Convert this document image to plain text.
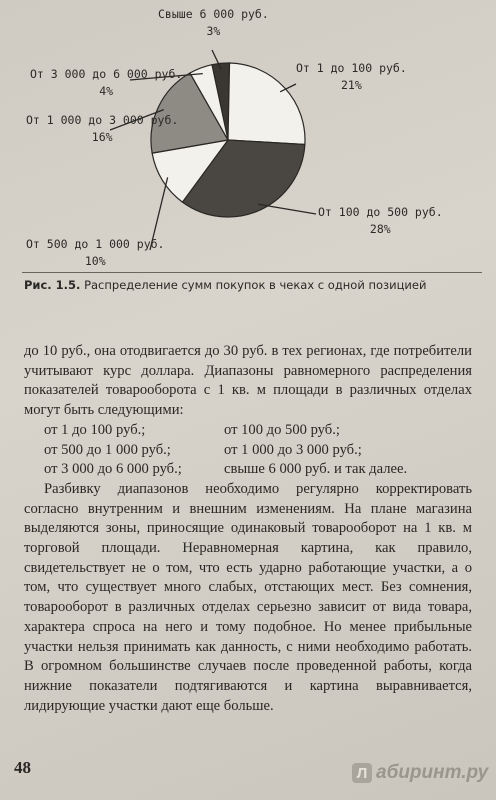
Свыше 6 000 руб.
3%
От 1 до 100 руб.
21%
От 100 до 500 руб.
28%
От 500 до 1 000 руб.
10%
От 1 000 до 3 000 руб.
16%
От 3 000 до 6 000 руб.
4%
Рис. 1.5. Распределение сумм покупок в чеках с одной позицией

до 10 руб., она отодвигается до 30 руб. в тех регионах, где потребители учитывают курс доллара. Диапазоны равномерного распределения показателей товарооборота с 1 кв. м площади в различных отделах могут быть следующими:

от 1 до 100 руб.;	от 100 до 500 руб.;
от 500 до 1 000 руб.;	от 1 000 до 3 000 руб.;
от 3 000 до 6 000 руб.;	свыше 6 000 руб. и так далее.

Разбивку диапазонов необходимо регулярно корректировать согласно внутренним и внешним изменениям. На плане магазина выделяются зоны, приносящие одинаковый товарооборот на 1 кв. м торговой площади. Неравномерная картина, как правило, свидетельствует не о том, что есть ударно работающие участки, а о том, что существует много слабых, отстающих мест. Без сомнения, товарооборот в различных отделах серьезно зависит от вида товара, характера спроса на него и тому подобное. Но менее прибыльные участки нельзя принимать как данность, с ними необходимо работать. В огромном большинстве случаев после проведенной работы, когда нижние показатели подтягиваются и картина выравнивается, лидирующие участки дают еще больше.

48	Л абиринт.ру
